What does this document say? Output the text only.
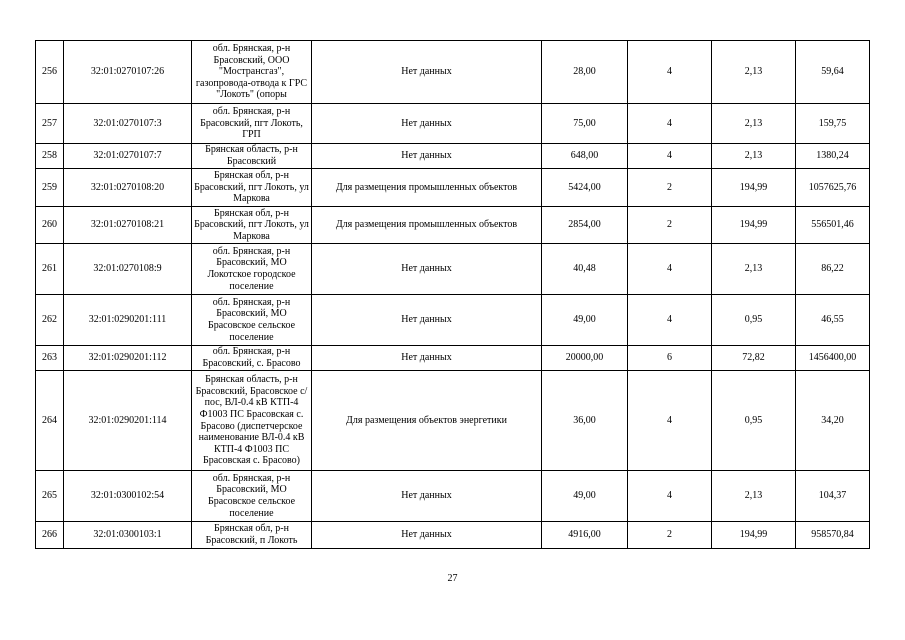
256	32:01:0270107:26	обл. Брянская, р-н Брасовский, ООО "Мострансгаз", газопровода-отвода к ГРС "Локоть" (опоры	Нет данных	28,00	4	2,13	59,64
257	32:01:0270107:3	обл. Брянская, р-н Брасовский, пгт Локоть, ГРП	Нет данных	75,00	4	2,13	159,75
258	32:01:0270107:7	Брянская область, р-н Брасовский	Нет данных	648,00	4	2,13	1380,24
259	32:01:0270108:20	Брянская обл, р-н Брасовский, пгт Локоть, ул Маркова	Для размещения промышленных объектов	5424,00	2	194,99	1057625,76
260	32:01:0270108:21	Брянская обл, р-н Брасовский, пгт Локоть, ул Маркова	Для размещения промышленных объектов	2854,00	2	194,99	556501,46
261	32:01:0270108:9	обл. Брянская, р-н Брасовский, МО Локотское городское поселение	Нет данных	40,48	4	2,13	86,22
262	32:01:0290201:111	обл. Брянская, р-н Брасовский, МО Брасовское сельское поселение	Нет данных	49,00	4	0,95	46,55
263	32:01:0290201:112	обл. Брянская, р-н Брасовский, с. Брасово	Нет данных	20000,00	6	72,82	1456400,00
264	32:01:0290201:114	Брянская область, р-н Брасовский, Брасовское с/пос, ВЛ-0.4 кВ КТП-4 Ф1003 ПС Брасовская с. Брасово (диспетчерское наименование ВЛ-0.4 кВ КТП-4 Ф1003 ПС Брасовская с. Брасово)	Для размещения объектов энергетики	36,00	4	0,95	34,20
265	32:01:0300102:54	обл. Брянская, р-н Брасовский, МО Брасовское сельское поселение	Нет данных	49,00	4	2,13	104,37
266	32:01:0300103:1	Брянская обл, р-н Брасовский, п Локоть	Нет данных	4916,00	2	194,99	958570,84
27
